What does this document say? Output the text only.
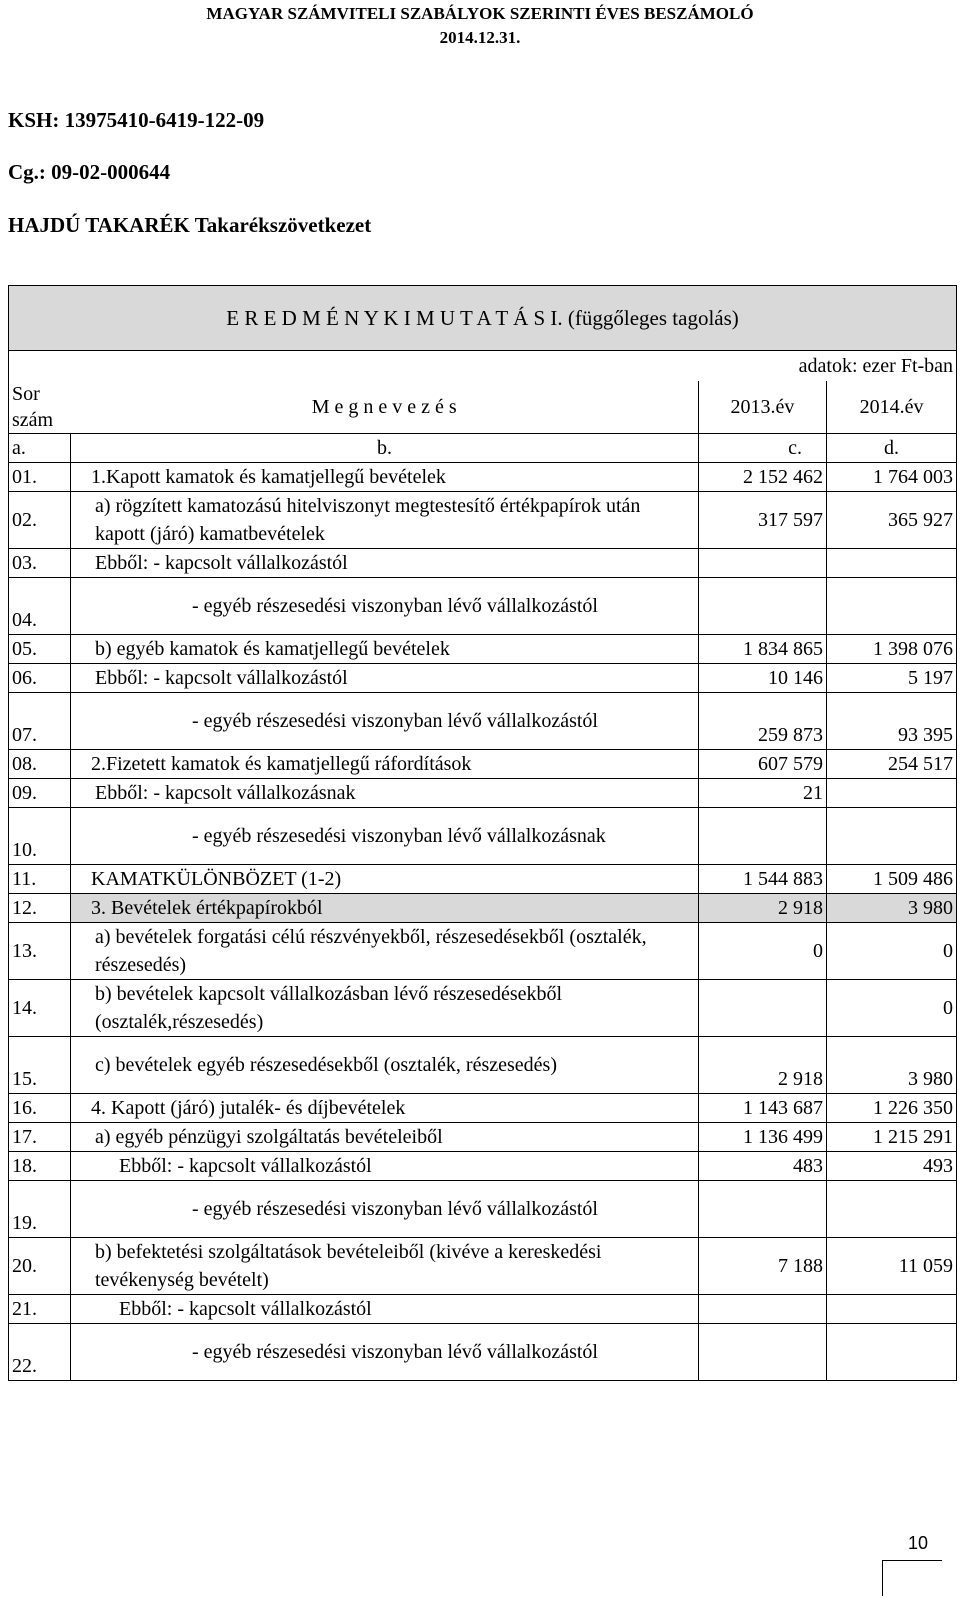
MAGYAR SZÁMVITELI SZABÁLYOK SZERINTI ÉVES BESZÁMOLÓ
2014.12.31.
KSH: 13975410-6419-122-09
Cg.: 09-02-000644
HAJDÚ TAKARÉK Takarékszövetkezet
E R E D M É N Y K I M U T A T Á S I. (függőleges tagolás)			
adatok: ezer Ft-ban			
Sor szám	M e g n e v e z é s	2013.év	2014.év
a.	b.	c.	d.
01.	1.Kapott kamatok és kamatjellegű bevételek	2 152 462	1 764 003
02.	a) rögzített kamatozású hitelviszonyt megtestesítő értékpapírok után kapott (járó) kamatbevételek	317 597	365 927
03.	Ebből: - kapcsolt vállalkozástól		
04.	- egyéb részesedési viszonyban lévő vállalkozástól		
05.	b) egyéb kamatok és kamatjellegű bevételek	1 834 865	1 398 076
06.	Ebből: - kapcsolt vállalkozástól	10 146	5 197
07.	- egyéb részesedési viszonyban lévő vállalkozástól	259 873	93 395
08.	2.Fizetett kamatok és kamatjellegű ráfordítások	607 579	254 517
09.	Ebből: - kapcsolt vállalkozásnak	21	
10.	- egyéb részesedési viszonyban lévő vállalkozásnak		
11.	KAMATKÜLÖNBÖZET (1-2)	1 544 883	1 509 486
12.	3. Bevételek értékpapírokból	2 918	3 980
13.	a) bevételek forgatási célú részvényekből, részesedésekből (osztalék, részesedés)	0	0
14.	b) bevételek kapcsolt vállalkozásban lévő részesedésekből (osztalék,részesedés)		0
15.	c) bevételek egyéb részesedésekből (osztalék, részesedés)	2 918	3 980
16.	4. Kapott (járó) jutalék- és díjbevételek	1 143 687	1 226 350
17.	a) egyéb pénzügyi szolgáltatás bevételeiből	1 136 499	1 215 291
18.	Ebből: - kapcsolt vállalkozástól	483	493
19.	- egyéb részesedési viszonyban lévő vállalkozástól		
20.	b) befektetési szolgáltatások bevételeiből (kivéve a kereskedési tevékenység bevételt)	7 188	11 059
21.	Ebből: - kapcsolt vállalkozástól		
22.	- egyéb részesedési viszonyban lévő vállalkozástól		
10
